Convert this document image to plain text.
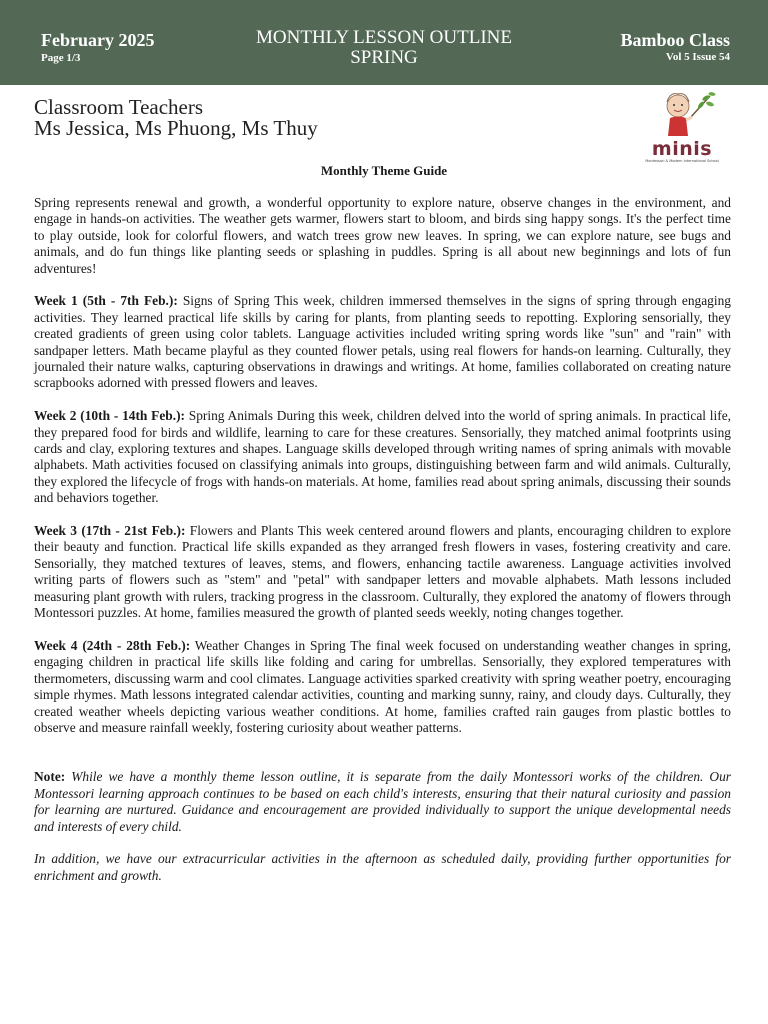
February 2025
Page 1/3
MONTHLY LESSON OUTLINE
SPRING
Bamboo Class
Vol 5 Issue 54
Classroom Teachers
Ms Jessica, Ms Phuong, Ms Thuy
minis
Montessori & Modern International School
Monthly Theme Guide

Spring represents renewal and growth, a wonderful opportunity to explore nature, observe changes in the environment, and engage in hands-on activities. The weather gets warmer, flowers start to bloom, and birds sing happy songs. It's the perfect time to play outside, look for colorful flowers, and watch trees grow new leaves. In spring, we can explore nature, see bugs and animals, and do fun things like planting seeds or splashing in puddles. Spring is all about new beginnings and lots of fun adventures!

Week 1 (5th - 7th Feb.): Signs of Spring This week, children immersed themselves in the signs of spring through engaging activities. They learned practical life skills by caring for plants, from planting seeds to repotting. Exploring sensorially, they created gradients of green using color tablets. Language activities included writing spring words like "sun" and "rain" with sandpaper letters. Math became playful as they counted flower petals, using real flowers for hands-on learning. Culturally, they journaled their nature walks, capturing observations in drawings and writings. At home, families collaborated on creating nature scrapbooks adorned with pressed flowers and leaves.

Week 2 (10th - 14th Feb.): Spring Animals During this week, children delved into the world of spring animals. In practical life, they prepared food for birds and wildlife, learning to care for these creatures. Sensorially, they matched animal footprints using cards and clay, exploring textures and shapes. Language skills developed through writing names of spring animals with movable alphabets. Math activities focused on classifying animals into groups, distinguishing between farm and wild animals. Culturally, they explored the lifecycle of frogs with hands-on materials. At home, families read about spring animals, discussing their sounds and behaviors together.

Week 3 (17th - 21st Feb.): Flowers and Plants This week centered around flowers and plants, encouraging children to explore their beauty and function. Practical life skills expanded as they arranged fresh flowers in vases, fostering creativity and care. Sensorially, they matched textures of leaves, stems, and flowers, enhancing tactile awareness. Language activities involved writing parts of flowers such as "stem" and "petal" with sandpaper letters and movable alphabets. Math lessons included measuring plant growth with rulers, tracking progress in the classroom. Culturally, they explored the anatomy of flowers through Montessori puzzles. At home, families measured the growth of planted seeds weekly, noting changes together.

Week 4 (24th - 28th Feb.): Weather Changes in Spring The final week focused on understanding weather changes in spring, engaging children in practical life skills like folding and caring for umbrellas. Sensorially, they explored temperatures with thermometers, discussing warm and cool climates. Language activities sparked creativity with spring weather poetry, encouraging simple rhymes. Math lessons integrated calendar activities, counting and marking sunny, rainy, and cloudy days. Culturally, they created weather wheels depicting various weather conditions. At home, families crafted rain gauges from plastic bottles to observe and measure rainfall weekly, fostering curiosity about weather patterns.

Note: While we have a monthly theme lesson outline, it is separate from the daily Montessori works of the children. Our Montessori learning approach continues to be based on each child's interests, ensuring that their natural curiosity and passion for learning are nurtured. Guidance and encouragement are provided individually to support the unique developmental needs and interests of every child.

In addition, we have our extracurricular activities in the afternoon as scheduled daily, providing further opportunities for enrichment and growth.
